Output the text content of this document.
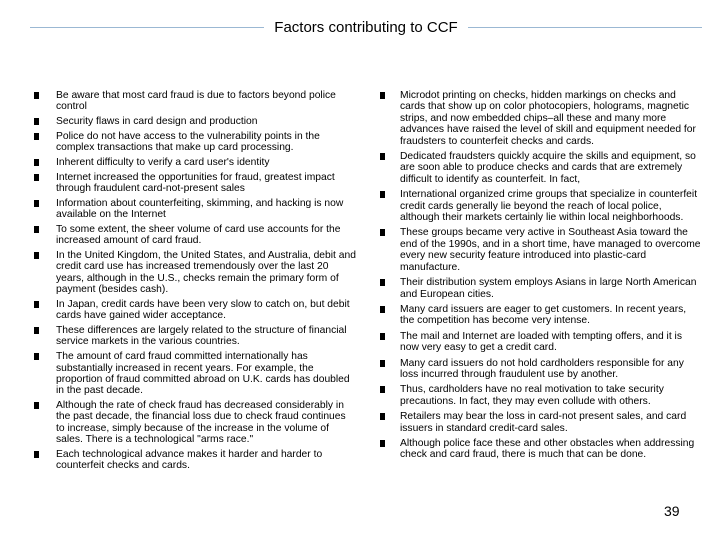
Factors contributing to CCF
Be aware that most card fraud is due to factors beyond police control
Security flaws in card design and production
Police do not have access to the vulnerability points in the complex transactions that make up card processing.
Inherent difficulty to verify a card user's identity
Internet increased the opportunities for fraud, greatest impact through fraudulent card-not-present sales
Information about counterfeiting, skimming, and hacking is now available on the Internet
To some extent, the sheer volume of card use accounts for the increased amount of card fraud.
In the United Kingdom, the United States, and Australia, debit and credit card use has increased tremendously over the last 20 years, although in the U.S., checks remain the primary form of payment (besides cash).
In Japan, credit cards have been very slow to catch on, but debit cards have gained wider acceptance.
These differences are largely related to the structure of financial service markets in the various countries.
The amount of card fraud committed internationally has substantially increased in recent years. For example, the proportion of fraud committed abroad on U.K. cards has doubled in the past decade.
Although the rate of check fraud has decreased considerably in the past decade, the financial loss due to check fraud continues to increase, simply because of the increase in the volume of sales. There is a technological "arms race."
Each technological advance makes it harder and harder to counterfeit checks and cards.
Microdot printing on checks, hidden markings on checks and cards that show up on color photocopiers, holograms, magnetic strips, and now embedded chips–all these and many more advances have raised the level of skill and equipment needed for fraudsters to counterfeit checks and cards.
Dedicated fraudsters quickly acquire the skills and equipment, so are soon able to produce checks and cards that are extremely difficult to identify as counterfeit. In fact,
International organized crime groups that specialize in counterfeit credit cards generally lie beyond the reach of local police, although their markets certainly lie within local neighborhoods.
These groups became very active in Southeast Asia toward the end of the 1990s, and in a short time, have managed to overcome every new security feature introduced into plastic-card manufacture.
Their distribution system employs Asians in large North American and European cities.
Many card issuers are eager to get customers. In recent years, the competition has become very intense.
The mail and Internet are loaded with tempting offers, and it is now very easy to get a credit card.
Many card issuers do not hold cardholders responsible for any loss incurred through fraudulent use by another.
Thus, cardholders have no real motivation to take security precautions. In fact, they may even collude with others.
Retailers may bear the loss in card-not present sales, and card issuers in standard credit-card sales.
Although police face these and other obstacles when addressing check and card fraud, there is much that can be done.
39
